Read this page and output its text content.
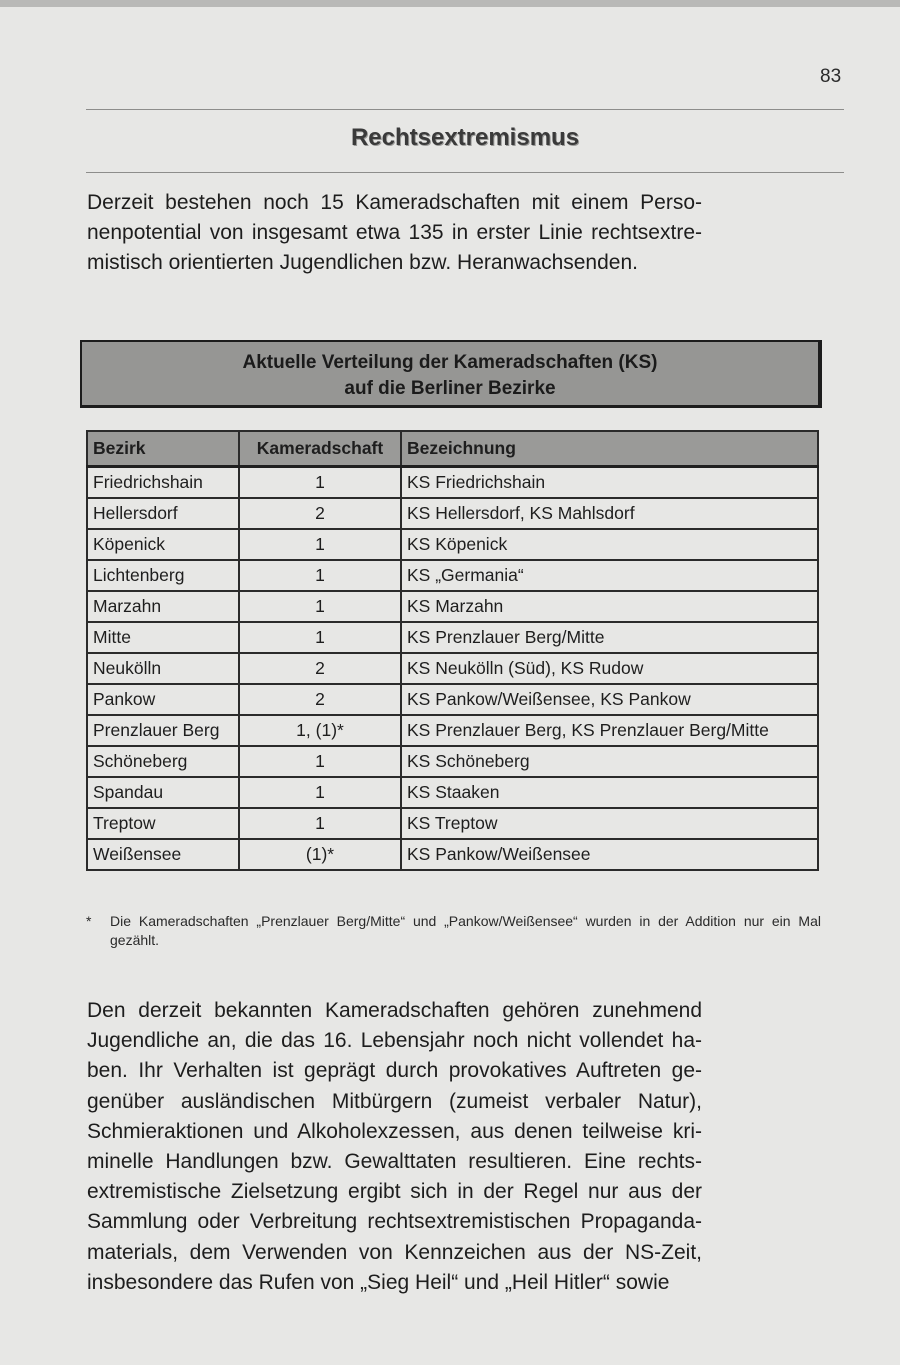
83
Rechtsextremismus
Derzeit bestehen noch 15 Kameradschaften mit einem Perso-nenpotential von insgesamt etwa 135 in erster Linie rechtsextre-mistisch orientierten Jugendlichen bzw. Heranwachsenden.
Aktuelle Verteilung der Kameradschaften (KS)
auf die Berliner Bezirke
Bezirk	Kameradschaft	Bezeichnung
Friedrichshain	1	KS Friedrichshain
Hellersdorf	2	KS Hellersdorf, KS Mahlsdorf
Köpenick	1	KS Köpenick
Lichtenberg	1	KS „Germania“
Marzahn	1	KS Marzahn
Mitte	1	KS Prenzlauer Berg/Mitte
Neukölln	2	KS Neukölln (Süd), KS Rudow
Pankow	2	KS Pankow/Weißensee, KS Pankow
Prenzlauer Berg	1, (1)*	KS Prenzlauer Berg, KS Prenzlauer Berg/Mitte
Schöneberg	1	KS Schöneberg
Spandau	1	KS Staaken
Treptow	1	KS Treptow
Weißensee	(1)*	KS Pankow/Weißensee
* Die Kameradschaften „Prenzlauer Berg/Mitte“ und „Pankow/Weißensee“ wurden in der Addition nur ein Mal gezählt.
Den derzeit bekannten Kameradschaften gehören zunehmend Jugendliche an, die das 16. Lebensjahr noch nicht vollendet ha-ben. Ihr Verhalten ist geprägt durch provokatives Auftreten ge-genüber ausländischen Mitbürgern (zumeist verbaler Natur), Schmieraktionen und Alkoholexzessen, aus denen teilweise kri-minelle Handlungen bzw. Gewalttaten resultieren. Eine rechts-extremistische Zielsetzung ergibt sich in der Regel nur aus der Sammlung oder Verbreitung rechtsextremistischen Propaganda-materials, dem Verwenden von Kennzeichen aus der NS-Zeit, insbesondere das Rufen von „Sieg Heil“ und „Heil Hitler“ sowie
